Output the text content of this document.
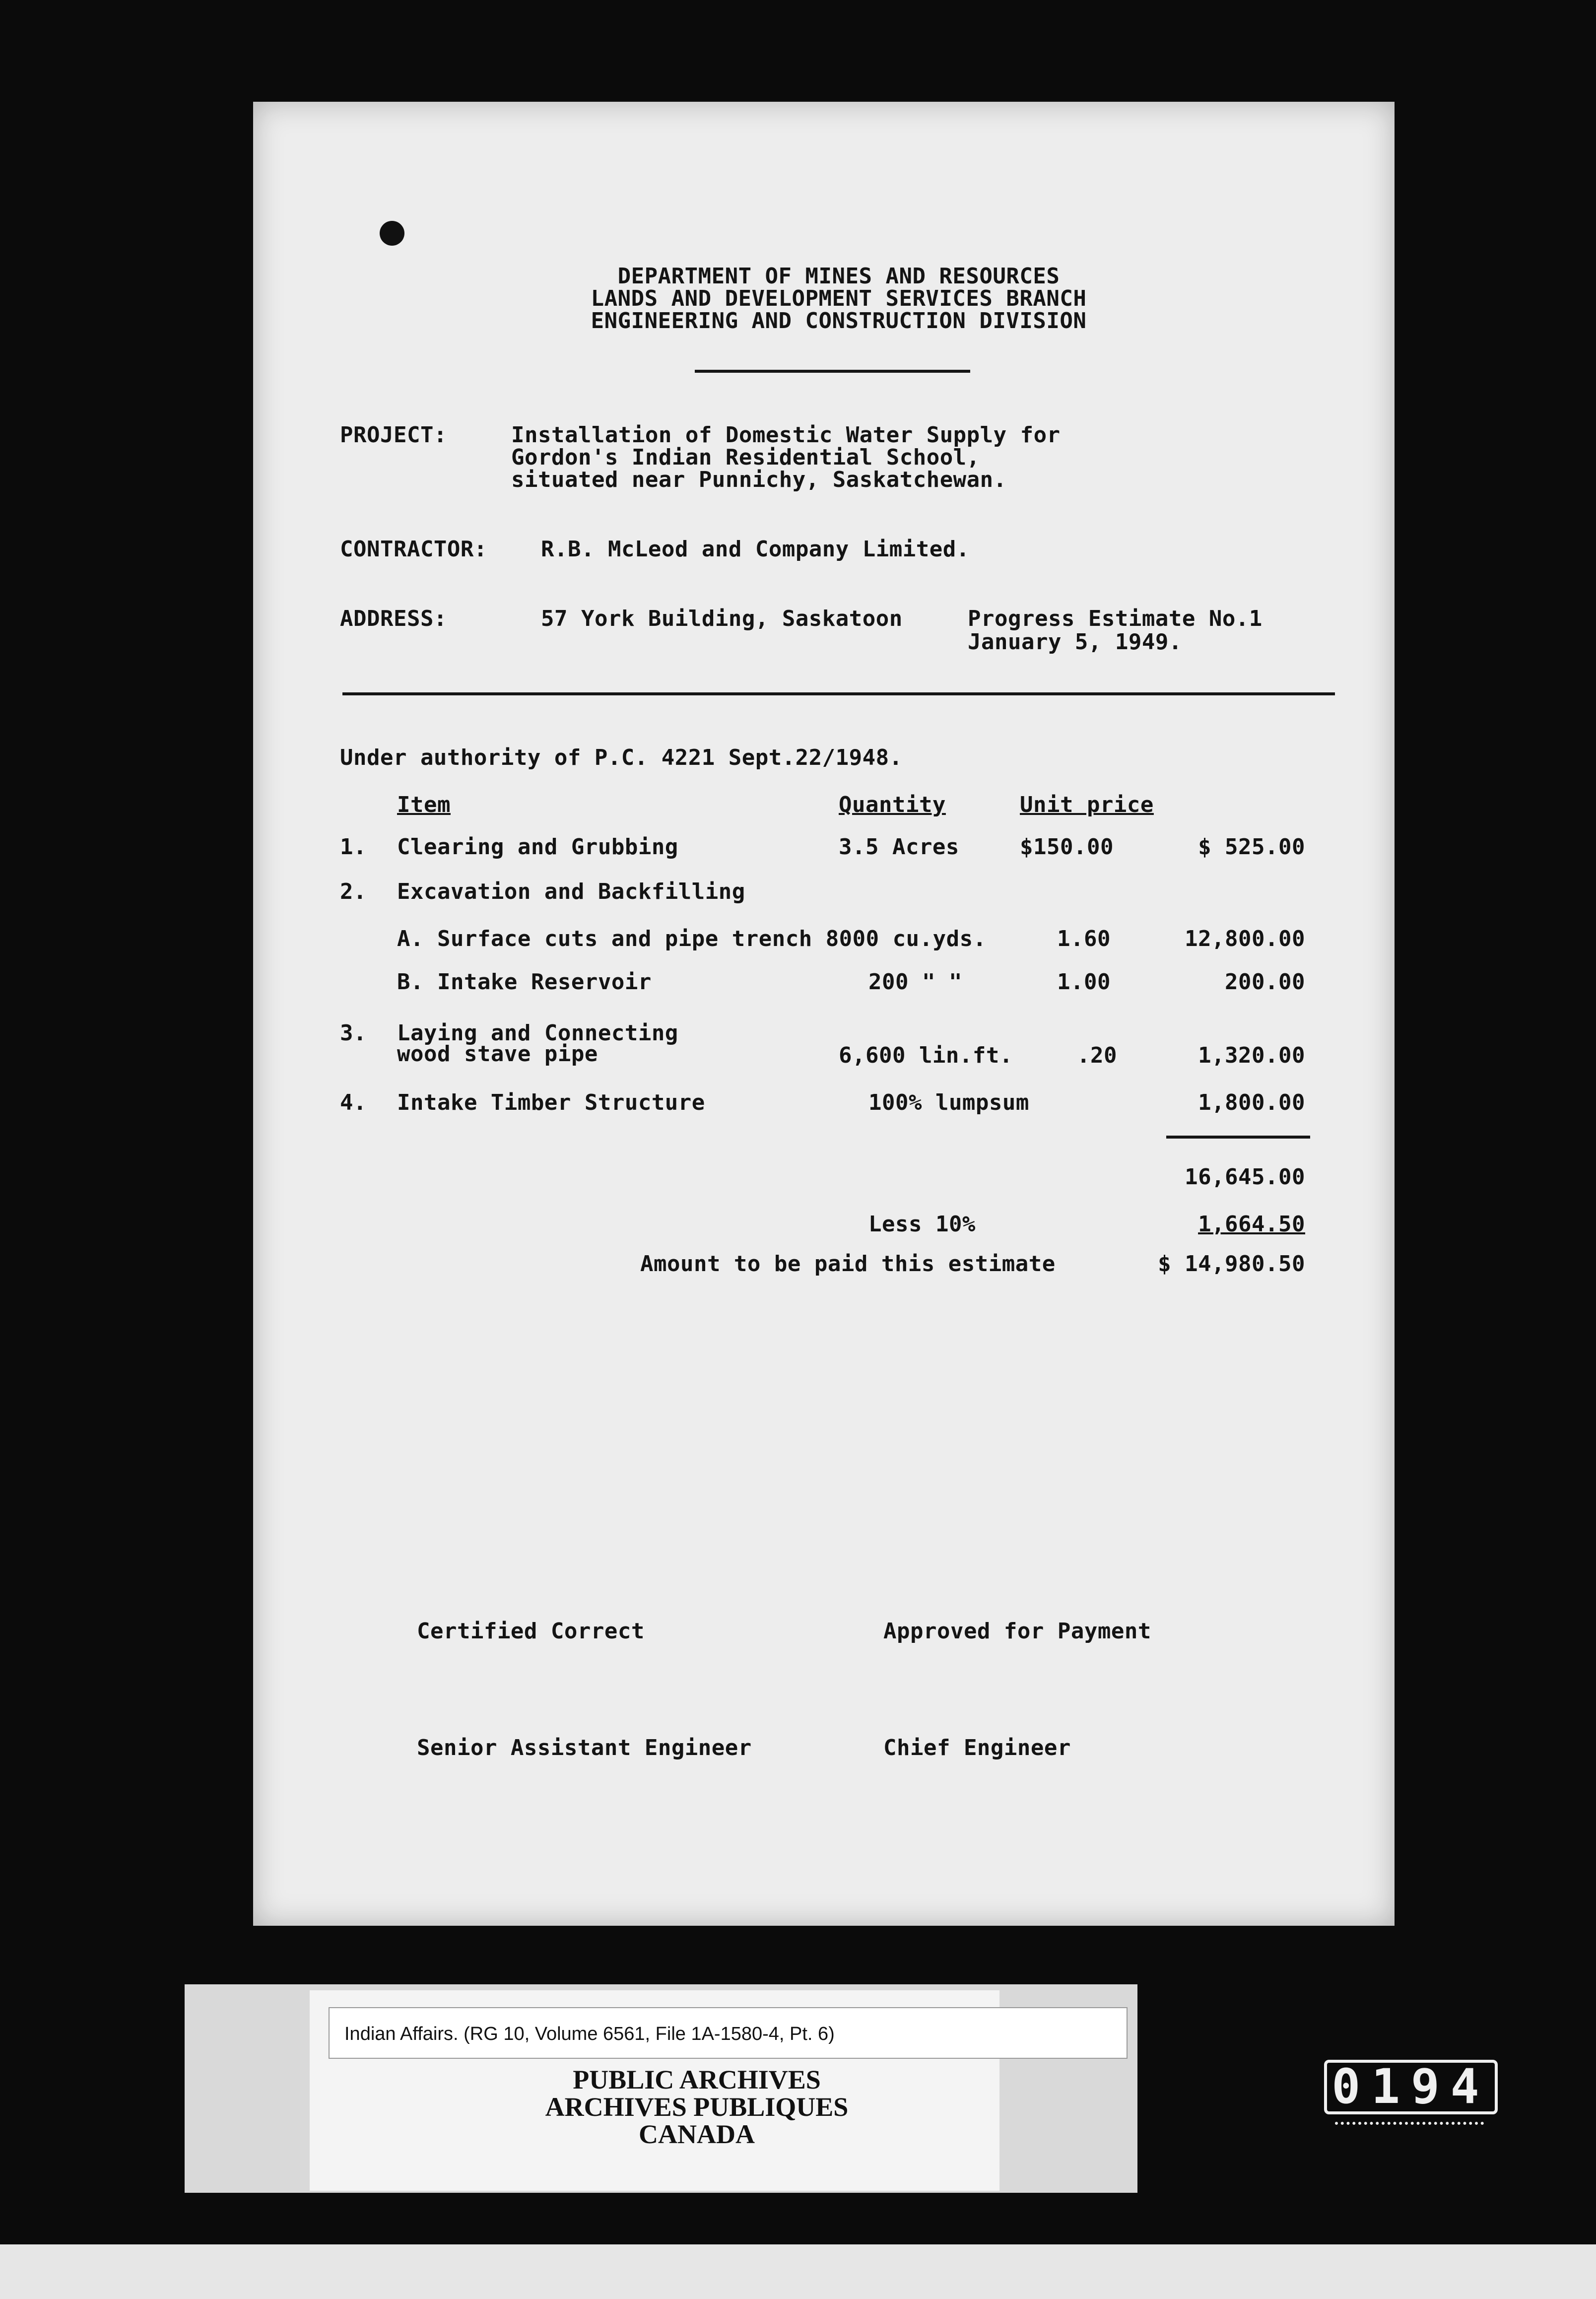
DEPARTMENT OF MINES AND RESOURCES
LANDS AND DEVELOPMENT SERVICES BRANCH
ENGINEERING AND CONSTRUCTION DIVISION
PROJECT:	Installation of Domestic Water Supply for
Gordon's Indian Residential School,
situated near Punnichy, Saskatchewan.
CONTRACTOR: R.B. McLeod and Company Limited.
ADDRESS:	57 York Building, Saskatoon	Progress Estimate No.1
January 5, 1949.
Under authority of P.C. 4221 Sept.22/1948.
Item	Quantity	Unit price
1. Clearing and Grubbing	3.5 Acres	$150.00	$ 525.00
2. Excavation and Backfilling
A. Surface cuts and pipe trench 8000 cu.yds.	1.60	12,800.00
B. Intake Reservoir	200 " "	1.00	200.00
3. Laying and Connecting
wood stave pipe	6,600 lin.ft.	.20	1,320.00
4. Intake Timber Structure	100% lumpsum	1,800.00
16,645.00
Less 10%	1,664.50
Amount to be paid this estimate	$ 14,980.50
Certified Correct	Approved for Payment
Senior Assistant Engineer	Chief Engineer
Indian Affairs. (RG 10, Volume 6561, File 1A-1580-4, Pt. 6)
PUBLIC ARCHIVES
ARCHIVES PUBLIQUES
CANADA
0194
